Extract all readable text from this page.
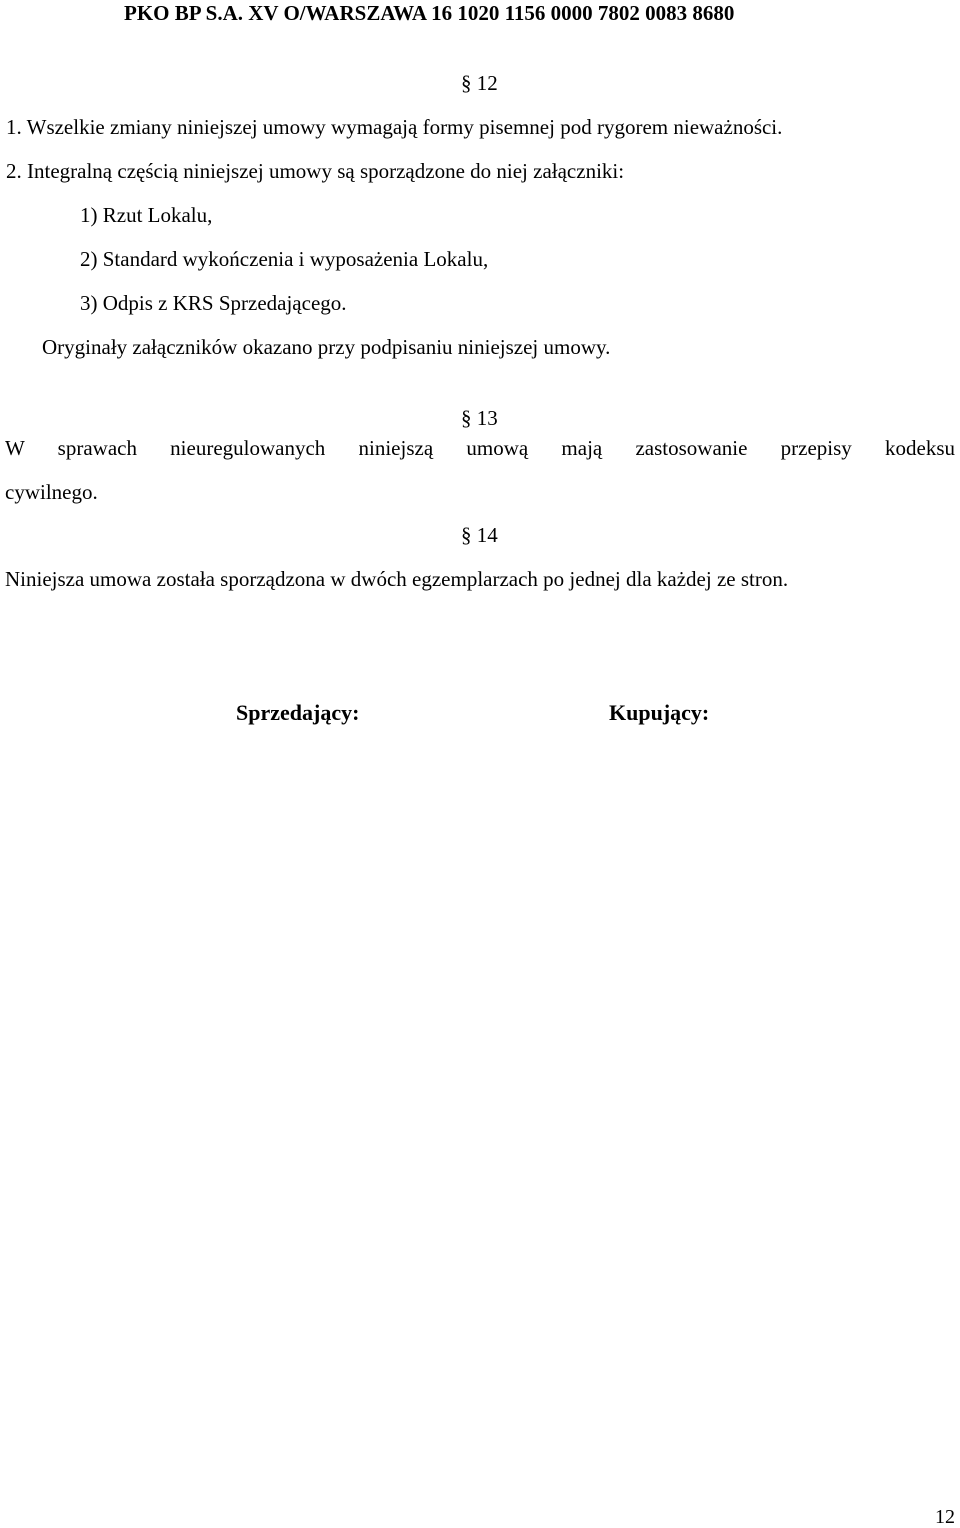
PKO BP S.A. XV O/WARSZAWA 16 1020 1156 0000 7802 0083 8680
§ 12
1. Wszelkie zmiany niniejszej umowy wymagają formy pisemnej pod rygorem nieważności.
2. Integralną częścią niniejszej umowy są sporządzone do niej załączniki:
1) Rzut Lokalu,
2) Standard wykończenia i wyposażenia Lokalu,
3) Odpis z KRS Sprzedającego.
Oryginały załączników okazano przy podpisaniu niniejszej umowy.
§ 13
W sprawach nieuregulowanych niniejszą umową mają zastosowanie przepisy kodeksu
cywilnego.
§ 14
Niniejsza umowa została sporządzona w dwóch egzemplarzach po jednej dla każdej ze stron.
Sprzedający:	Kupujący:
12
